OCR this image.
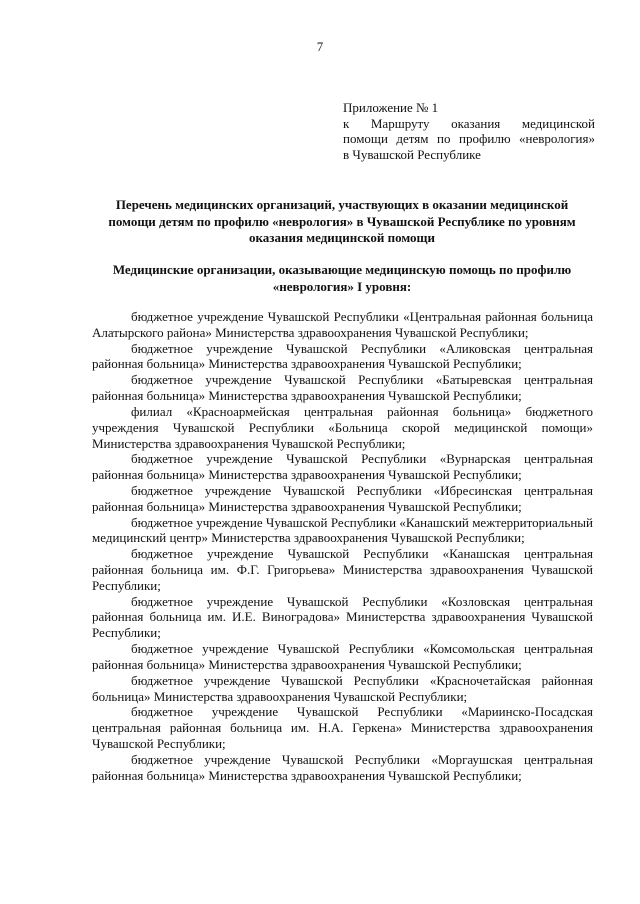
7
Приложение № 1
к Маршруту оказания медицинской
помощи детям по профилю «неврология»
в Чувашской Республике
Перечень медицинских организаций, участвующих в оказании медицинской помощи детям по профилю «неврология» в Чувашской Республике по уровням оказания медицинской помощи
Медицинские организации, оказывающие медицинскую помощь по профилю «неврология» I уровня:

бюджетное учреждение Чувашской Республики «Центральная районная больница Алатырского района» Министерства здравоохранения Чувашской Республики;

бюджетное учреждение Чувашской Республики «Аликовская центральная районная больница» Министерства здравоохранения Чувашской Республики;

бюджетное учреждение Чувашской Республики «Батыревская центральная районная больница» Министерства здравоохранения Чувашской Республики;

филиал «Красноармейская центральная районная больница» бюджетного учреждения Чувашской Республики «Больница скорой медицинской помощи» Министерства здравоохранения Чувашской Республики;

бюджетное учреждение Чувашской Республики «Вурнарская центральная районная больница» Министерства здравоохранения Чувашской Республики;

бюджетное учреждение Чувашской Республики «Ибресинская центральная районная больница» Министерства здравоохранения Чувашской Республики;

бюджетное учреждение Чувашской Республики «Канашский межтерриториальный медицинский центр» Министерства здравоохранения Чувашской Республики;

бюджетное учреждение Чувашской Республики «Канашская центральная районная больница им. Ф.Г. Григорьева» Министерства здравоохранения Чувашской Республики;

бюджетное учреждение Чувашской Республики «Козловская центральная районная больница им. И.Е. Виноградова» Министерства здравоохранения Чувашской Республики;

бюджетное учреждение Чувашской Республики «Комсомольская центральная районная больница» Министерства здравоохранения Чувашской Республики;

бюджетное учреждение Чувашской Республики «Красночетайская районная больница» Министерства здравоохранения Чувашской Республики;

бюджетное учреждение Чувашской Республики «Мариинско-Посадская центральная районная больница им. Н.А. Геркена» Министерства здравоохранения Чувашской Республики;

бюджетное учреждение Чувашской Республики «Моргаушская центральная районная больница» Министерства здравоохранения Чувашской Республики;
